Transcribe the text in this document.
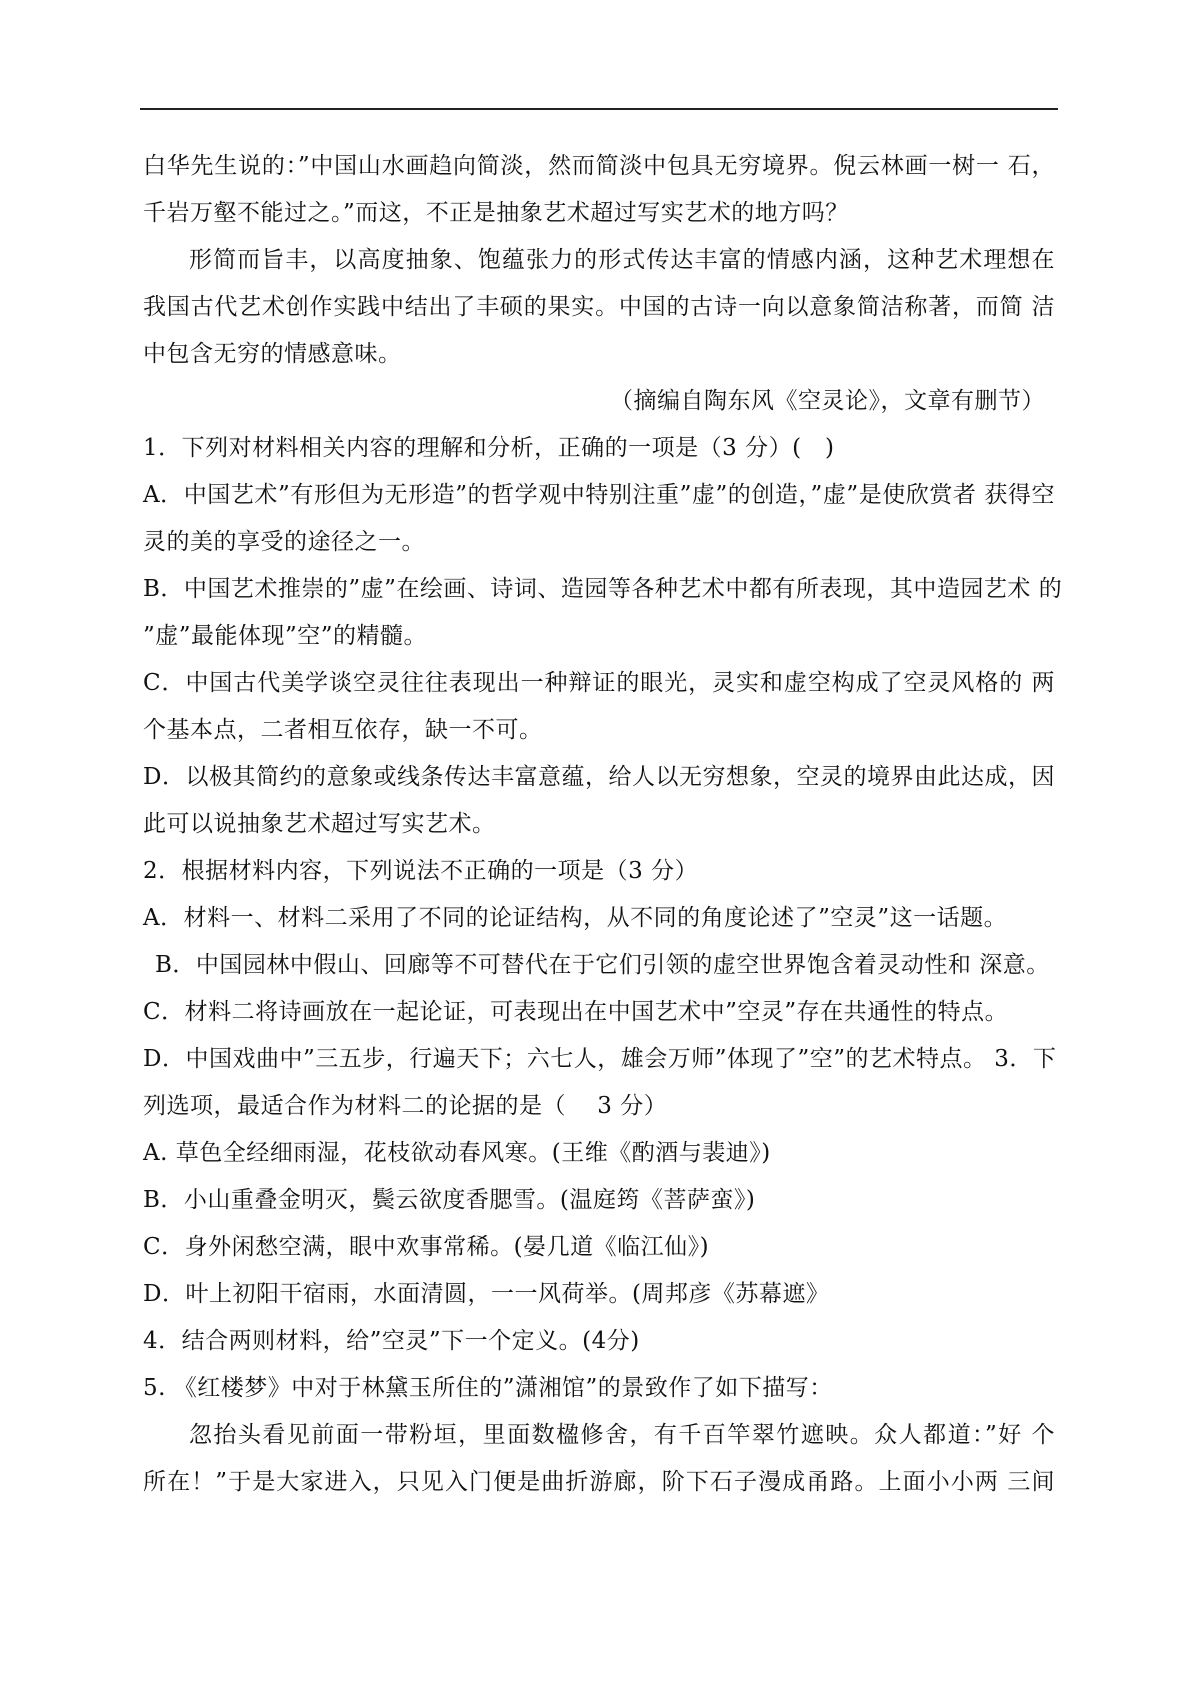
白华先生说的：”中国山水画趋向简淡，然而简淡中包具无穷境界。倪云林画一树一 石，
千岩万壑不能过之。”而这，不正是抽象艺术超过写实艺术的地方吗？
形简而旨丰，以高度抽象、饱蕴张力的形式传达丰富的情感内涵，这种艺术理想在
我国古代艺术创作实践中结出了丰硕的果实。中国的古诗一向以意象简洁称著，而简 洁
中包含无穷的情感意味。
（摘编自陶东风《空灵论》，文章有删节）
1．下列对材料相关内容的理解和分析，正确的一项是（3 分）(　)
A．中国艺术”有形但为无形造”的哲学观中特别注重”虚”的创造，”虚”是使欣赏者 获得空
灵的美的享受的途径之一。
B．中国艺术推崇的”虚”在绘画、诗词、造园等各种艺术中都有所表现，其中造园艺术 的
”虚”最能体现”空”的精髓。
C．中国古代美学谈空灵往往表现出一种辩证的眼光，灵实和虚空构成了空灵风格的 两
个基本点，二者相互依存，缺一不可。
D．以极其简约的意象或线条传达丰富意蕴，给人以无穷想象，空灵的境界由此达成，因
此可以说抽象艺术超过写实艺术。
2．根据材料内容，下列说法不正确的一项是（3 分）
A．材料一、材料二采用了不同的论证结构，从不同的角度论述了”空灵”这一话题。
B．中国园林中假山、回廊等不可替代在于它们引领的虚空世界饱含着灵动性和 深意。
C．材料二将诗画放在一起论证，可表现出在中国艺术中”空灵”存在共通性的特点。
D．中国戏曲中”三五步，行遍天下；六七人，雄会万师”体现了”空”的艺术特点。 3．下
列选项，最适合作为材料二的论据的是（　 3 分）
A. 草色全经细雨湿，花枝欲动春风寒。(王维《酌酒与裴迪》)
B．小山重叠金明灭，鬓云欲度香腮雪。(温庭筠《菩萨蛮》)
C．身外闲愁空满，眼中欢事常稀。(晏几道《临江仙》)
D．叶上初阳干宿雨，水面清圆，一一风荷举。(周邦彦《苏幕遮》
4．结合两则材料，给”空灵”下一个定义。(4分)
5. 《红楼梦》中对于林黛玉所住的”潇湘馆”的景致作了如下描写：
忽抬头看见前面一带粉垣，里面数楹修舍，有千百竿翠竹遮映。众人都道：”好 个
所在！”于是大家进入，只见入门便是曲折游廊，阶下石子漫成甬路。上面小小两 三间
